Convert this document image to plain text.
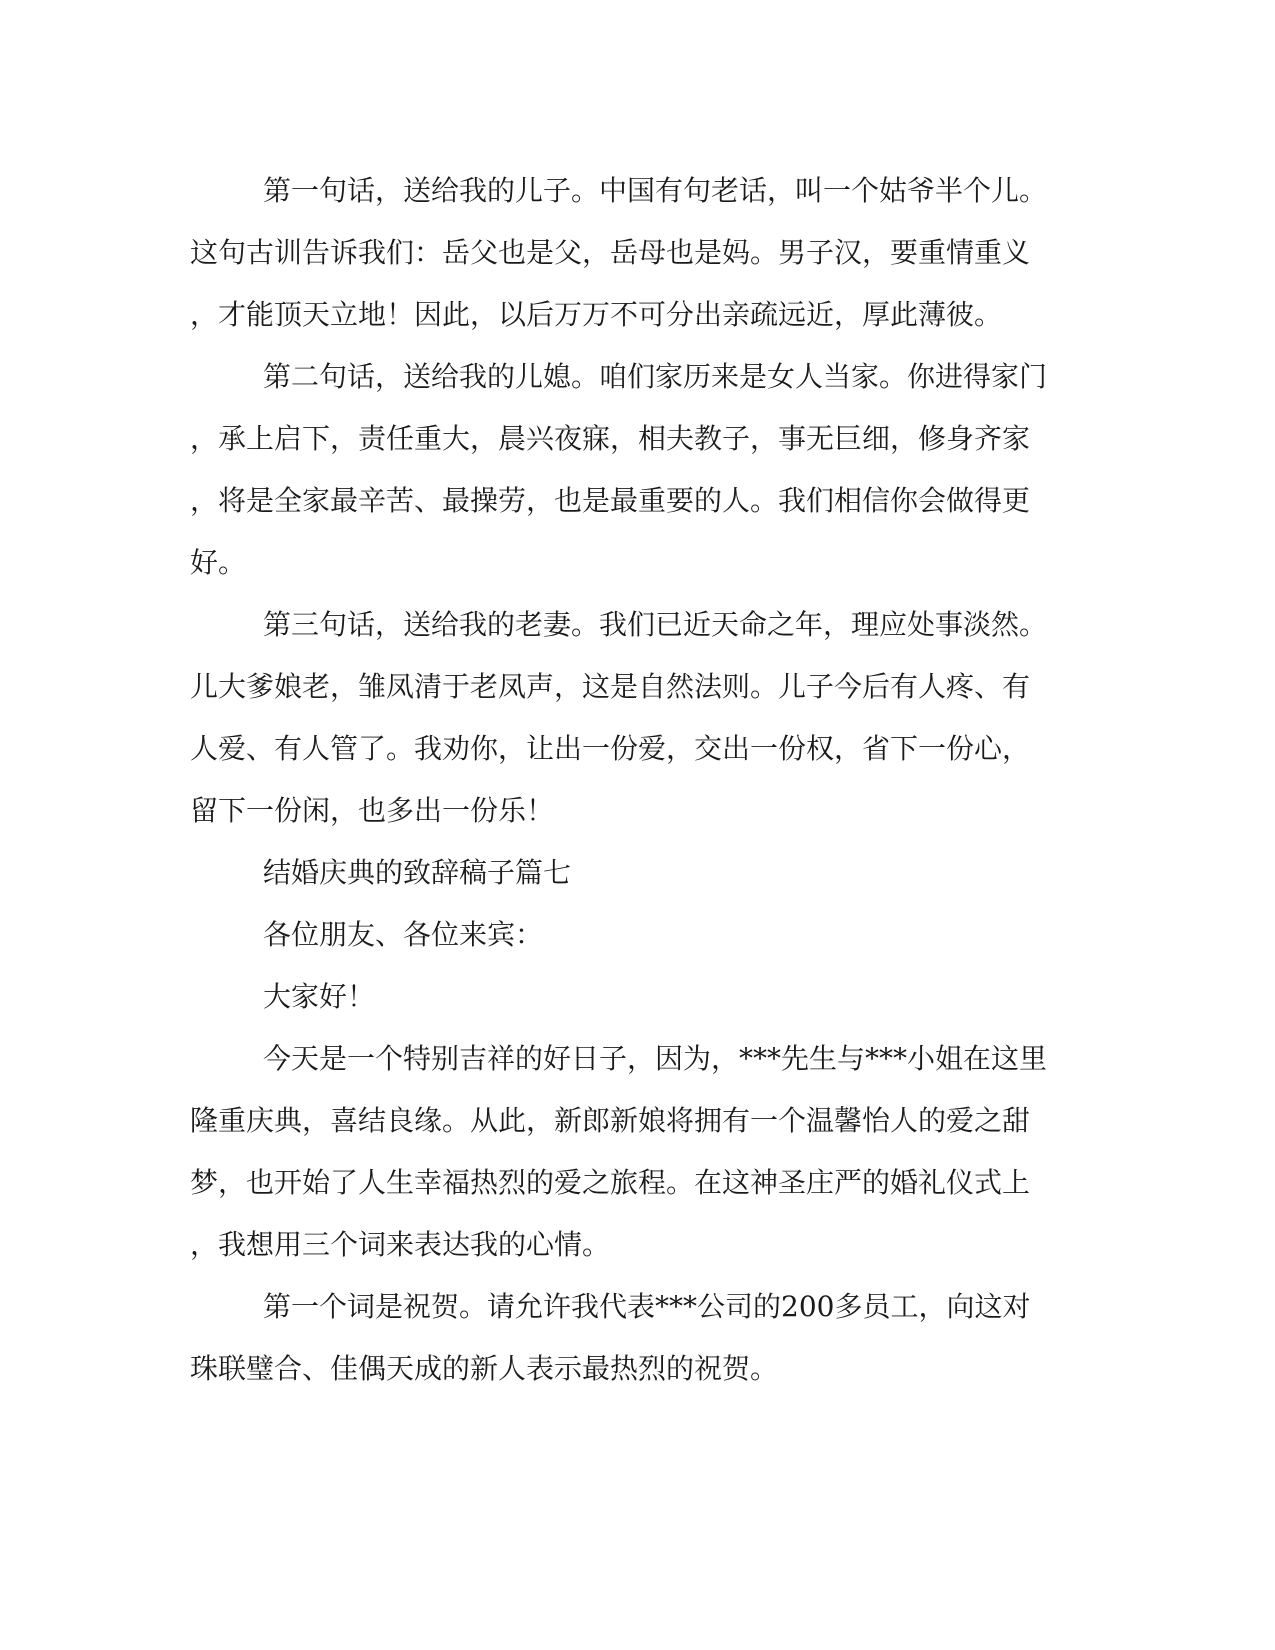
第一句话，送给我的儿子。中国有句老话，叫一个姑爷半个儿。
这句古训告诉我们：岳父也是父，岳母也是妈。男子汉，要重情重义
，才能顶天立地！因此，以后万万不可分出亲疏远近，厚此薄彼。
第二句话，送给我的儿媳。咱们家历来是女人当家。你进得家门
，承上启下，责任重大，晨兴夜寐，相夫教子，事无巨细，修身齐家
，将是全家最辛苦、最操劳，也是最重要的人。我们相信你会做得更
好。
第三句话，送给我的老妻。我们已近天命之年，理应处事淡然。
儿大爹娘老，雏凤清于老凤声，这是自然法则。儿子今后有人疼、有
人爱、有人管了。我劝你，让出一份爱，交出一份权，省下一份心，
留下一份闲，也多出一份乐！
结婚庆典的致辞稿子篇七
各位朋友、各位来宾：
大家好！
今天是一个特别吉祥的好日子，因为，***先生与***小姐在这里
隆重庆典，喜结良缘。从此，新郎新娘将拥有一个温馨怡人的爱之甜
梦，也开始了人生幸福热烈的爱之旅程。在这神圣庄严的婚礼仪式上
，我想用三个词来表达我的心情。
第一个词是祝贺。请允许我代表***公司的200多员工，向这对
珠联璧合、佳偶天成的新人表示最热烈的祝贺。
